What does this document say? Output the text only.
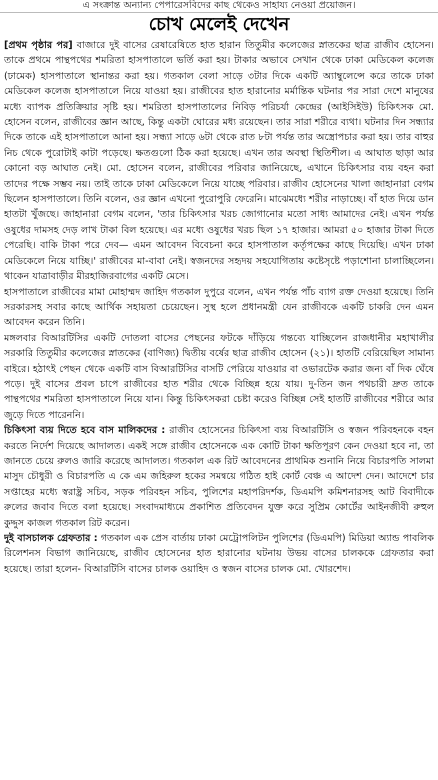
এ সংক্রান্ত অন্যান্য পেপারেসবিদের কাছ থেকেও সাহায্য নেওয়া প্রয়োজন।
চোখ মেলেই দেখেন

[প্রথম পৃষ্ঠার পর] বাজারে দুই বাসের রেষারেষিতে হাত হারান তিতুমীর কলেজের স্নাতকের ছাত্র রাজীব হোসেন। তাকে প্রথমে পান্থপথের শমরিতা হাসপাতালে ভর্তি করা হয়। টাকার অভাবে সেখান থেকে ঢাকা মেডিকেল কলেজ (ঢামেক) হাসপাতালে স্থানান্তর করা হয়। গতকাল বেলা সাড়ে ৩টার দিকে একটি অ্যাম্বুলেন্সে করে তাকে ঢাকা মেডিকেল কলেজ হাসপাতালে নিয়ে যাওয়া হয়। রাজীবের হাত হারানোর মর্মান্তিক ঘটনার পর সারা দেশে মানুষের মধ্যে ব্যাপক প্রতিক্রিয়ার সৃষ্টি হয়। শমরিতা হাসপাতালের নিবিড় পরিচর্যা কেন্দ্রের (আইসিইউ) চিকিৎসক মো. হোসেন বলেন, রাজীবের জ্ঞান আছে, কিন্তু একটা ঘোরের মধ্য রয়েছেন। তার সারা শরীরে ব্যথা। ঘটনার দিন সন্ধ্যার দিকে তাকে এই হাসপাতালে আনা হয়। সন্ধ্যা সাড়ে ৬টা থেকে রাত ৮টা পর্যন্ত তার অস্ত্রোপচার করা হয়। তার বাহুর নিচ থেকে পুরোটাই কাটা পড়েছে। ক্ষতগুলো ঠিক করা হয়েছে। এখন তার অবস্থা স্থিতিশীল। এ আঘাত ছাড়া আর কোনো বড় আঘাত নেই। মো. হোসেন বলেন, রাজীবের পরিবার জানিয়েছে, এখানে চিকিৎসার ব্যয় বহন করা তাদের পক্ষে সম্ভব নয়। তাই তাকে ঢাকা মেডিকেলে নিয়ে যাচ্ছে পরিবার। রাজীব হোসেনের খালা জাহানারা বেগম ছিলেন হাসপাতালে। তিনি বলেন, ওর জ্ঞান এখনো পুরোপুরি ফেরেনি। মাঝেমধ্যে শরীর নাড়াচ্ছে। বাঁ হাত দিয়ে ডান হাতটা খুঁজছে। জাহানারা বেগম বলেন, 'তার চিকিৎসার খরচ জোগানোর মতো সাধ্য আমাদের নেই। এখন পর্যন্ত ওষুধের দামসহ দেড় লাখ টাকা বিল হয়েছে। এর মধ্যে ওষুধের খরচ ছিল ১৭ হাজার। আমরা ৫০ হাজার টাকা দিতে পেরেছি। বাকি টাকা পরে দেব— এমন আবেদন বিবেচনা করে হাসপাতাল কর্তৃপক্ষের কাছে দিয়েছি। এখন ঢাকা মেডিকেলে নিয়ে যাচ্ছি।' রাজীবের মা-বাবা নেই। স্বজনদের সহৃদয় সহযোগিতায় কষ্টেসৃষ্টে পড়াশোনা চালাচ্ছিলেন। থাকেন যাত্রাবাড়ীর মীরহাজিরবাগের একটি মেসে।

হাসপাতালে রাজীবের মামা মোহাম্মদ জাহিদ গতকাল দুপুরে বলেন, এখন পর্যন্ত পাঁচ ব্যাগ রক্ত দেওয়া হয়েছে। তিনি সরকারসহ সবার কাছে আর্থিক সহায়তা চেয়েছেন। সুস্থ হলে প্রধানমন্ত্রী যেন রাজীবকে একটি চাকরি দেন এমন আবেদন করেন তিনি।

মঙ্গলবার বিআরটিসির একটি দোতলা বাসের পেছনের ফটকে দাঁড়িয়ে গন্তব্যে যাচ্ছিলেন রাজধানীর মহাখালীর সরকারি তিতুমীর কলেজের স্নাতকের (বাণিজ্য) দ্বিতীয় বর্ষের ছাত্র রাজীব হোসেন (২১)। হাতটি বেরিয়েছিল সামান্য বাইরে। হঠাৎই পেছন থেকে একটি বাস বিআরটিসির বাসটি পেরিয়ে যাওয়ার বা ওভারটেক করার জন্য বাঁ দিক ঘেঁষে পড়ে। দুই বাসের প্রবল চাপে রাজীবের হাত শরীর থেকে বিচ্ছিন্ন হয়ে যায়। দু-তিন জন পথচারী দ্রুত তাকে পান্থপথের শমরিতা হাসপাতালে নিয়ে যান। কিন্তু চিকিৎসকরা চেষ্টা করেও বিচ্ছিন্ন সেই হাতটি রাজীবের শরীরে আর জুড়ে দিতে পারেননি।

চিকিৎসা ব্যয় দিতে হবে বাস মালিকদের : রাজীব হোসেনের চিকিৎসা ব্যয় বিআরটিসি ও স্বজন পরিবহনকে বহন করতে নির্দেশ দিয়েছে আদালত। একই সঙ্গে রাজীব হোসেনকে এক কোটি টাকা ক্ষতিপূরণ কেন দেওয়া হবে না, তা জানতে চেয়ে রুলও জারি করেছে আদালত। গতকাল এক রিট আবেদনের প্রাথমিক শুনানি নিয়ে বিচারপতি সালমা মাসুদ চৌধুরী ও বিচারপতি এ কে এম জহিরুল হকের সমন্বয়ে গঠিত হাই কোর্ট বেঞ্চ এ আদেশ দেন। আদেশে চার সপ্তাহের মধ্যে স্বরাষ্ট্র সচিব, সড়ক পরিবহন সচিব, পুলিশের মহাপরিদর্শক, ডিএমপি কমিশনারসহ আট বিবাদীকে রুলের জবাব দিতে বলা হয়েছে। সংবাদমাধ্যমে প্রকাশিত প্রতিবেদন যুক্ত করে সুপ্রিম কোর্টের আইনজীবী রুহুল কুদ্দুস কাজল গতকাল রিট করেন।

দুই বাসচালক গ্রেফতার : গতকাল এক প্রেস বার্তায় ঢাকা মেট্রোপলিটন পুলিশের (ডিএমপি) মিডিয়া অ্যান্ড পাবলিক রিলেশনস বিভাগ জানিয়েছে, রাজীব হোসেনের হাত হারানোর ঘটনায় উভয় বাসের চালককে গ্রেফতার করা হয়েছে। তারা হলেন- বিআরটিসি বাসের চালক ওয়াহিদ ও স্বজন বাসের চালক মো. খোরশেদ।
